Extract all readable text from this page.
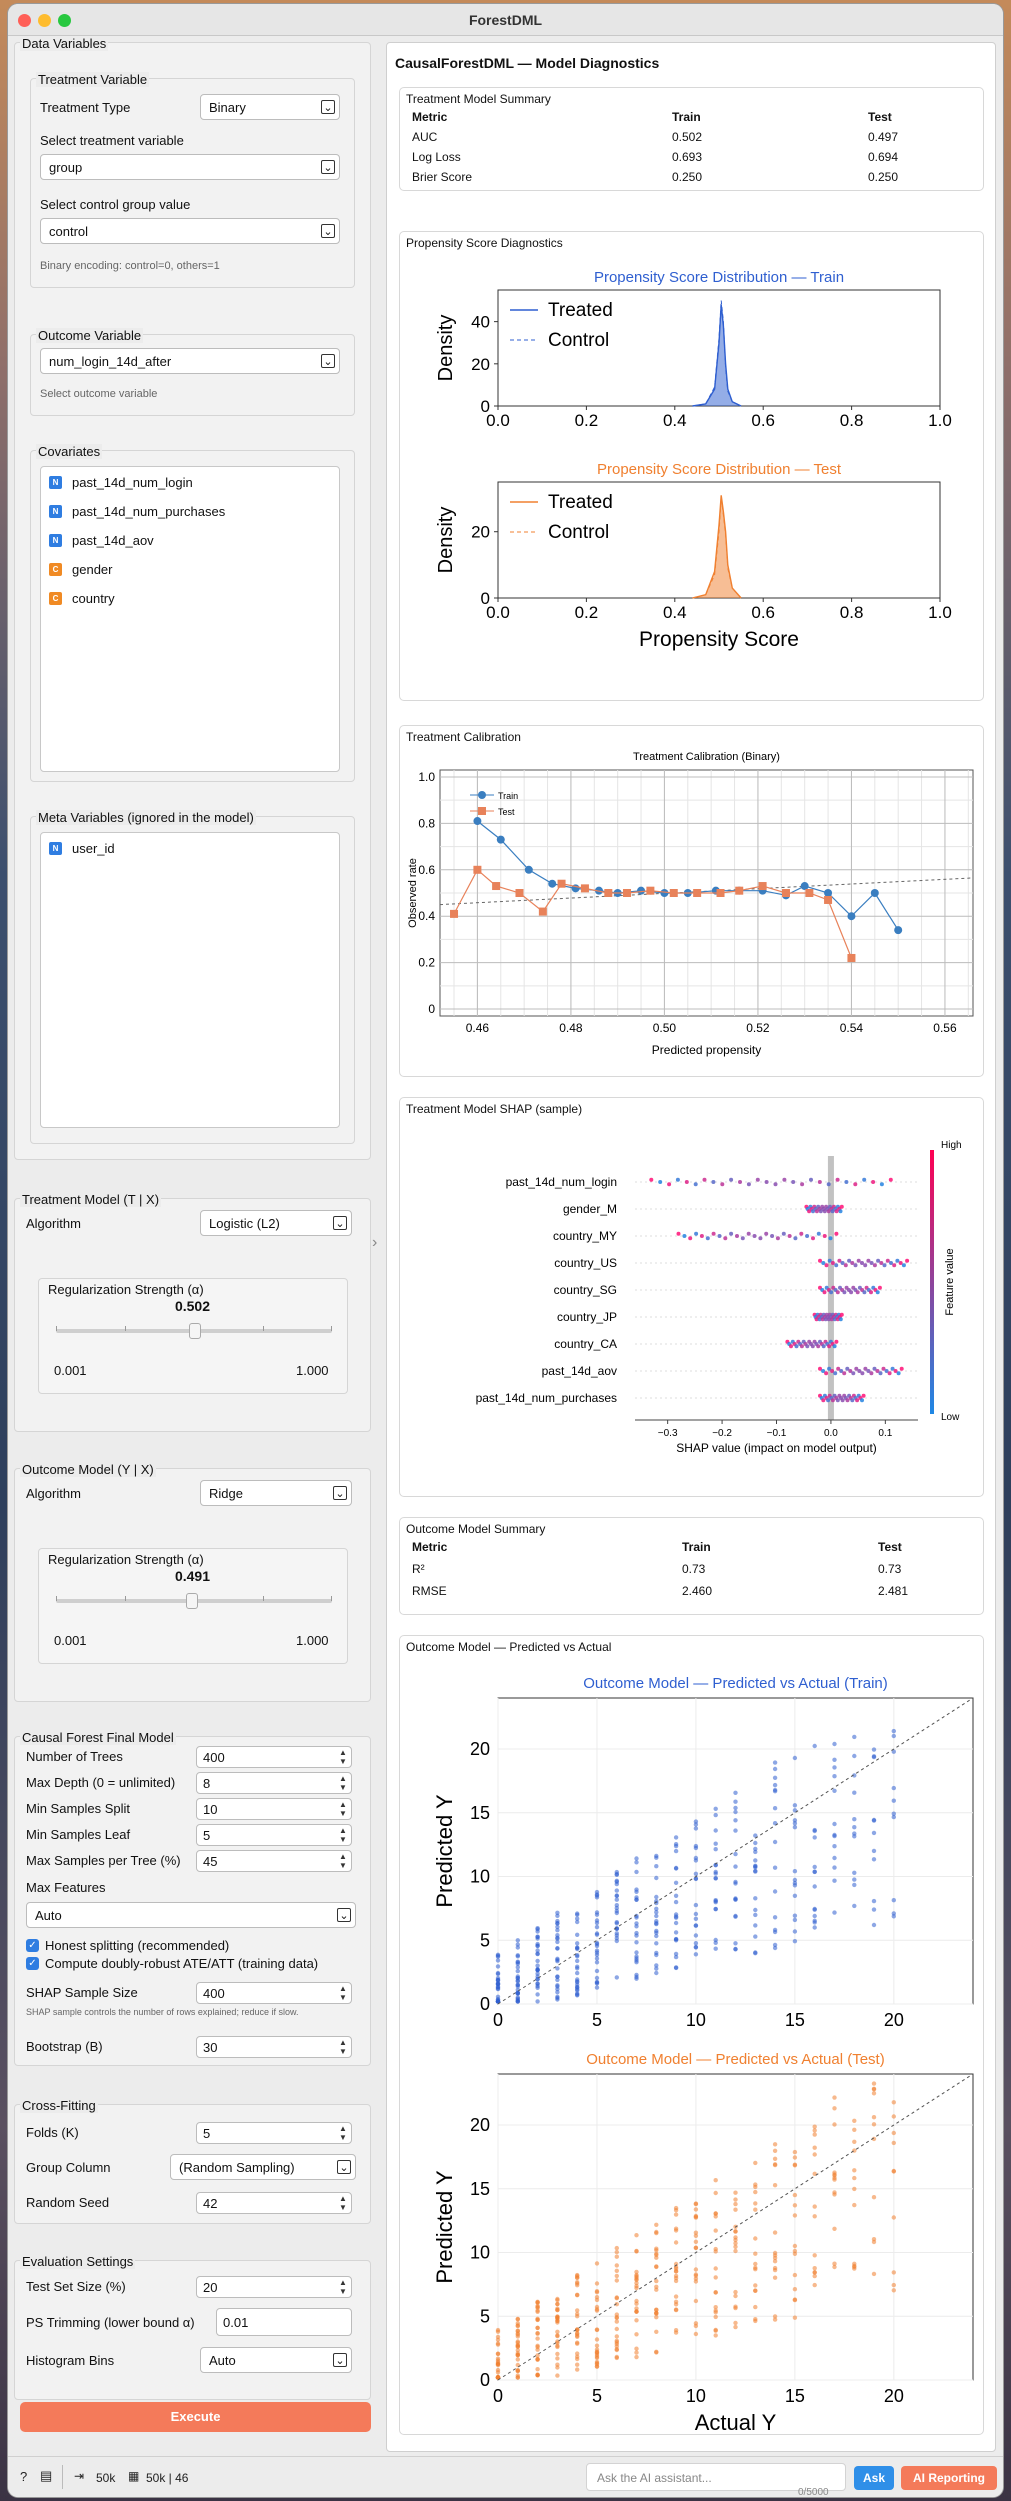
ForestDML
Data Variables
Treatment Variable
Treatment Type	Binary	⌄
Select treatment variable
group	⌄
Select control group value
control	⌄
Binary encoding: control=0, others=1
Outcome Variable
num_login_14d_after	⌄
Select outcome variable
Covariates
N past_14d_num_login
N past_14d_num_purchases
N past_14d_aov
C gender
C country
Meta Variables (ignored in the model)
N user_id
Treatment Model (T | X)
Algorithm	Logistic (L2)	⌄
Regularization Strength (α)
0.502
0.001	1.000
Outcome Model (Y | X)
Algorithm	Ridge	⌄
Regularization Strength (α)
0.491
0.001	1.000
Causal Forest Final Model
Number of Trees	400	▲
▼
Max Depth (0 = unlimited)	8	▲
▼
Min Samples Split	10	▲
▼
Min Samples Leaf	5	▲
▼
Max Samples per Tree (%)	45	▲
▼
Max Features
Auto	⌄
✓ Honest splitting (recommended)
✓ Compute doubly-robust ATE/ATT (training data)
SHAP Sample Size	400	▲
▼
SHAP sample controls the number of rows explained; reduce if slow.
Bootstrap (B)	30	▲
▼
Cross-Fitting
Folds (K)	5	▲
▼
Group Column	(Random Sampling)	⌄
Random Seed	42	▲
▼
Evaluation Settings
Test Set Size (%)	20	▲
▼
PS Trimming (lower bound α)	0.01
Histogram Bins	Auto	⌄
Execute
›
CausalForestDML — Model Diagnostics
Treatment Model Summary
Metric	Train	Test
AUC	0.502	0.497
Log Loss	0.693	0.694
Brier Score	0.250	0.250
Propensity Score Diagnostics
Propensity Score Distribution — Train
0.0	0.2	0.4	0.6	0.8	1.0
0
20
40
Density
Treated
Control
Propensity Score Distribution — Test
0.0	0.2	0.4	0.6	0.8	1.0
0
20
Density
Propensity Score
Treated
Control
Treatment Calibration
Treatment Calibration (Binary)
0.46	0.48	0.50	0.52	0.54	0.56
0
0.2
0.4
0.6
0.8
1.0
Predicted propensity
Observed rate
Train
Test
Treatment Model SHAP (sample)
past_14d_num_login
gender_M
country_MY
country_US
country_SG
country_JP
country_CA
past_14d_aov
past_14d_num_purchases
−0.3	−0.2	−0.1	0.0	0.1
SHAP value (impact on model output)
High
Low
Feature value
Outcome Model Summary
Metric	Train	Test
R²	0.73	0.73
RMSE	2.460	2.481
Outcome Model — Predicted vs Actual
Outcome Model — Predicted vs Actual (Train)
0	5	10	15	20
0
5
10
15
20
Predicted Y
Outcome Model — Predicted vs Actual (Test)
0	5	10	15	20
0
5
10
15
20
Predicted Y
Actual Y
? ▤ ⇥ 50k ▦ 50k | 46	Ask the AI assistant...
0/5000
Ask	AI Reporting
